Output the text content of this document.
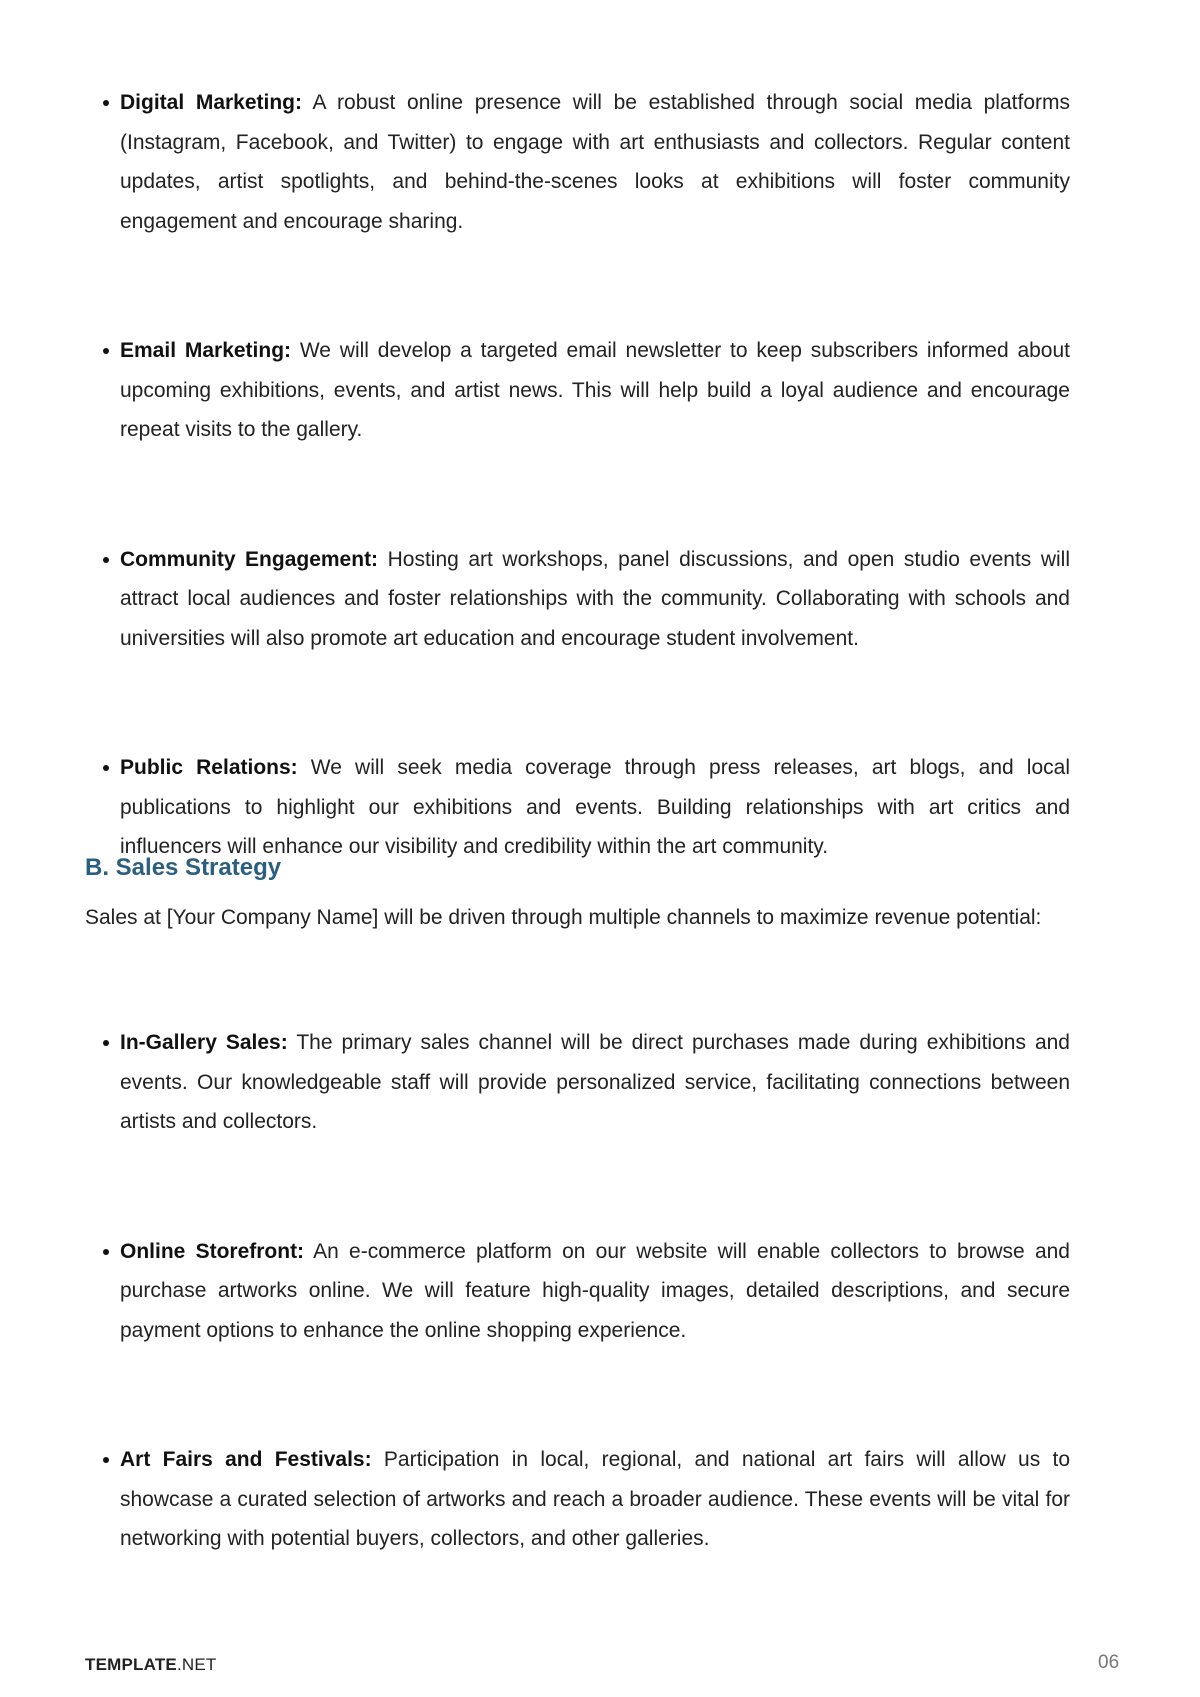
Digital Marketing: A robust online presence will be established through social media platforms (Instagram, Facebook, and Twitter) to engage with art enthusiasts and collectors. Regular content updates, artist spotlights, and behind-the-scenes looks at exhibitions will foster community engagement and encourage sharing.
Email Marketing: We will develop a targeted email newsletter to keep subscribers informed about upcoming exhibitions, events, and artist news. This will help build a loyal audience and encourage repeat visits to the gallery.
Community Engagement: Hosting art workshops, panel discussions, and open studio events will attract local audiences and foster relationships with the community. Collaborating with schools and universities will also promote art education and encourage student involvement.
Public Relations: We will seek media coverage through press releases, art blogs, and local publications to highlight our exhibitions and events. Building relationships with art critics and influencers will enhance our visibility and credibility within the art community.
B. Sales Strategy

Sales at [Your Company Name] will be driven through multiple channels to maximize revenue potential:

In-Gallery Sales: The primary sales channel will be direct purchases made during exhibitions and events. Our knowledgeable staff will provide personalized service, facilitating connections between artists and collectors.
Online Storefront: An e-commerce platform on our website will enable collectors to browse and purchase artworks online. We will feature high-quality images, detailed descriptions, and secure payment options to enhance the online shopping experience.
Art Fairs and Festivals: Participation in local, regional, and national art fairs will allow us to showcase a curated selection of artworks and reach a broader audience. These events will be vital for networking with potential buyers, collectors, and other galleries.
TEMPLATE.NET	06
